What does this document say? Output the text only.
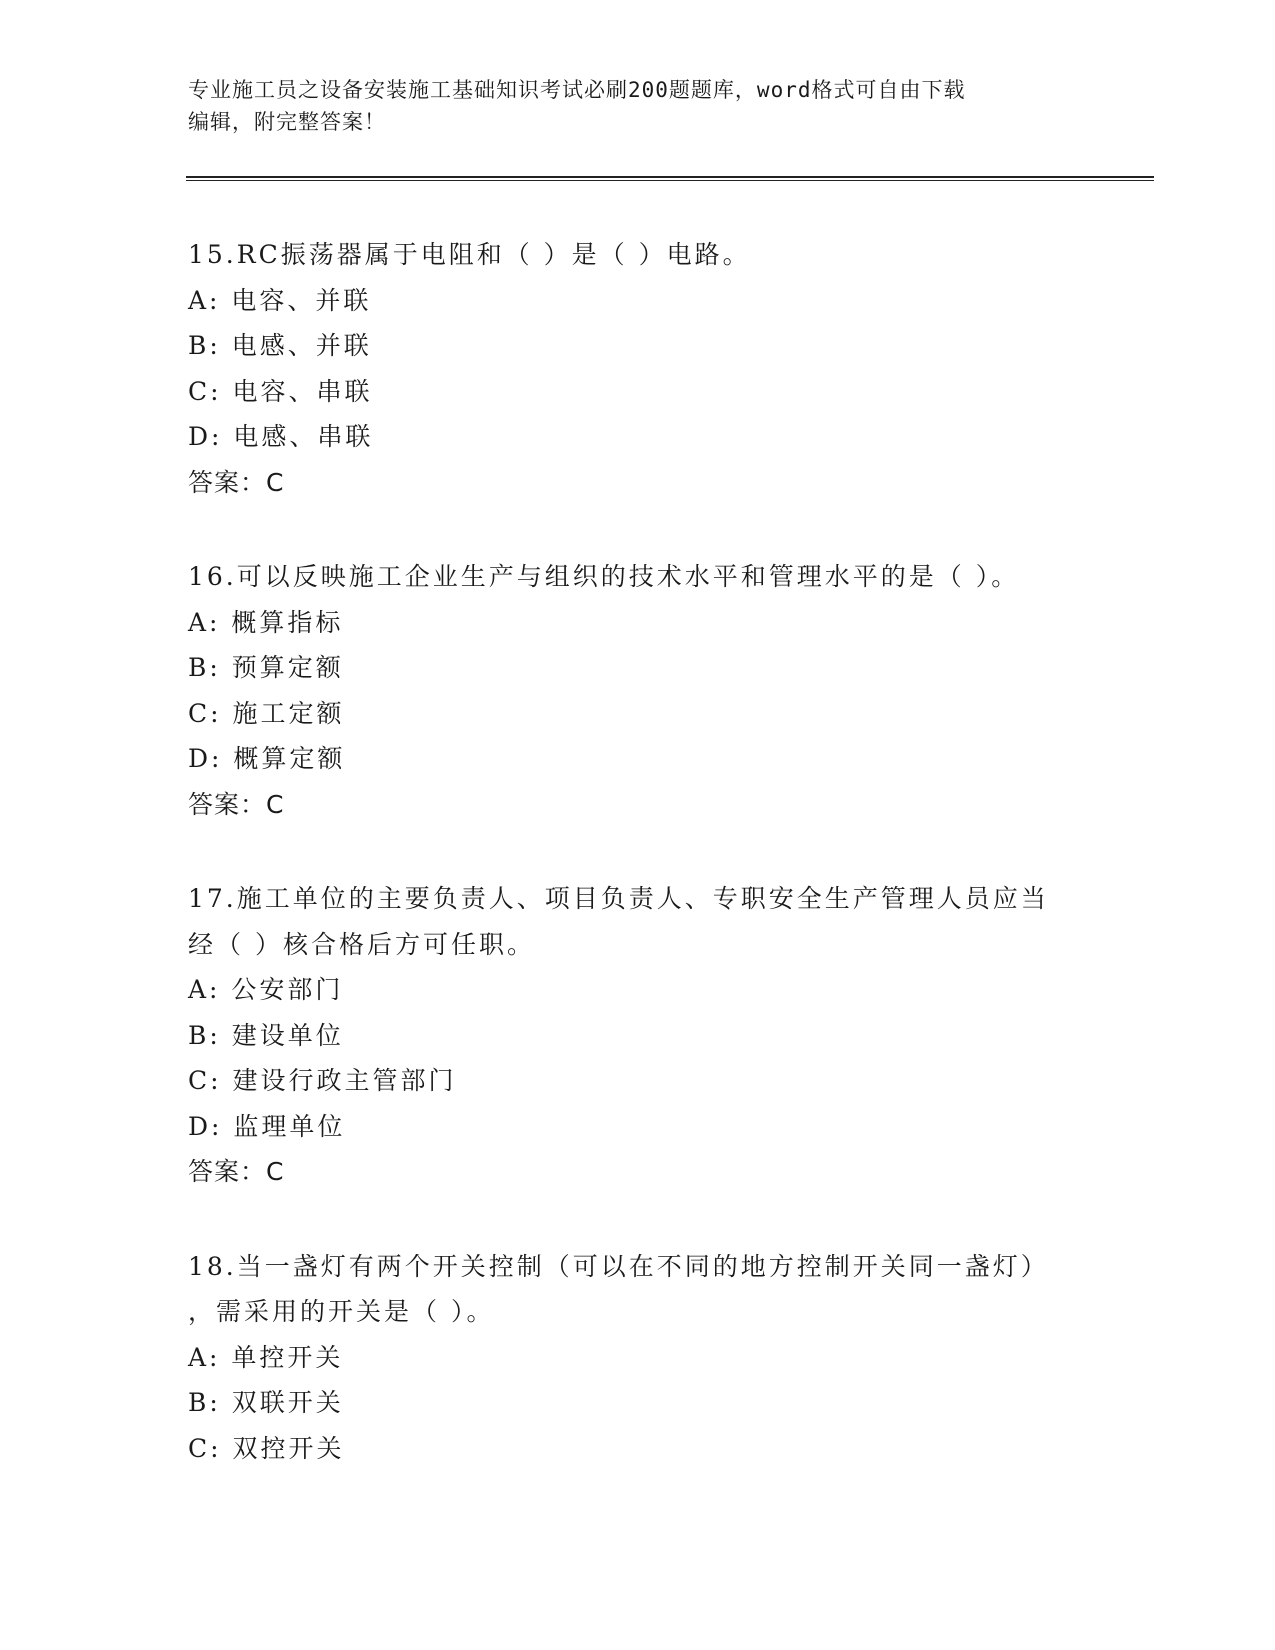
专业施工员之设备安装施工基础知识考试必刷200题题库，word格式可自由下载
编辑，附完整答案！
15.RC振荡器属于电阻和（ ）是（ ）电路。
A: 电容、并联
B: 电感、并联
C: 电容、串联
D: 电感、串联
答案：C
16.可以反映施工企业生产与组织的技术水平和管理水平的是（ ）。
A: 概算指标
B: 预算定额
C: 施工定额
D: 概算定额
答案：C
17.施工单位的主要负责人、项目负责人、专职安全生产管理人员应当
经（ ）核合格后方可任职。
A: 公安部门
B: 建设单位
C: 建设行政主管部门
D: 监理单位
答案：C
18.当一盏灯有两个开关控制（可以在不同的地方控制开关同一盏灯）
，需采用的开关是（ ）。
A: 单控开关
B: 双联开关
C: 双控开关
